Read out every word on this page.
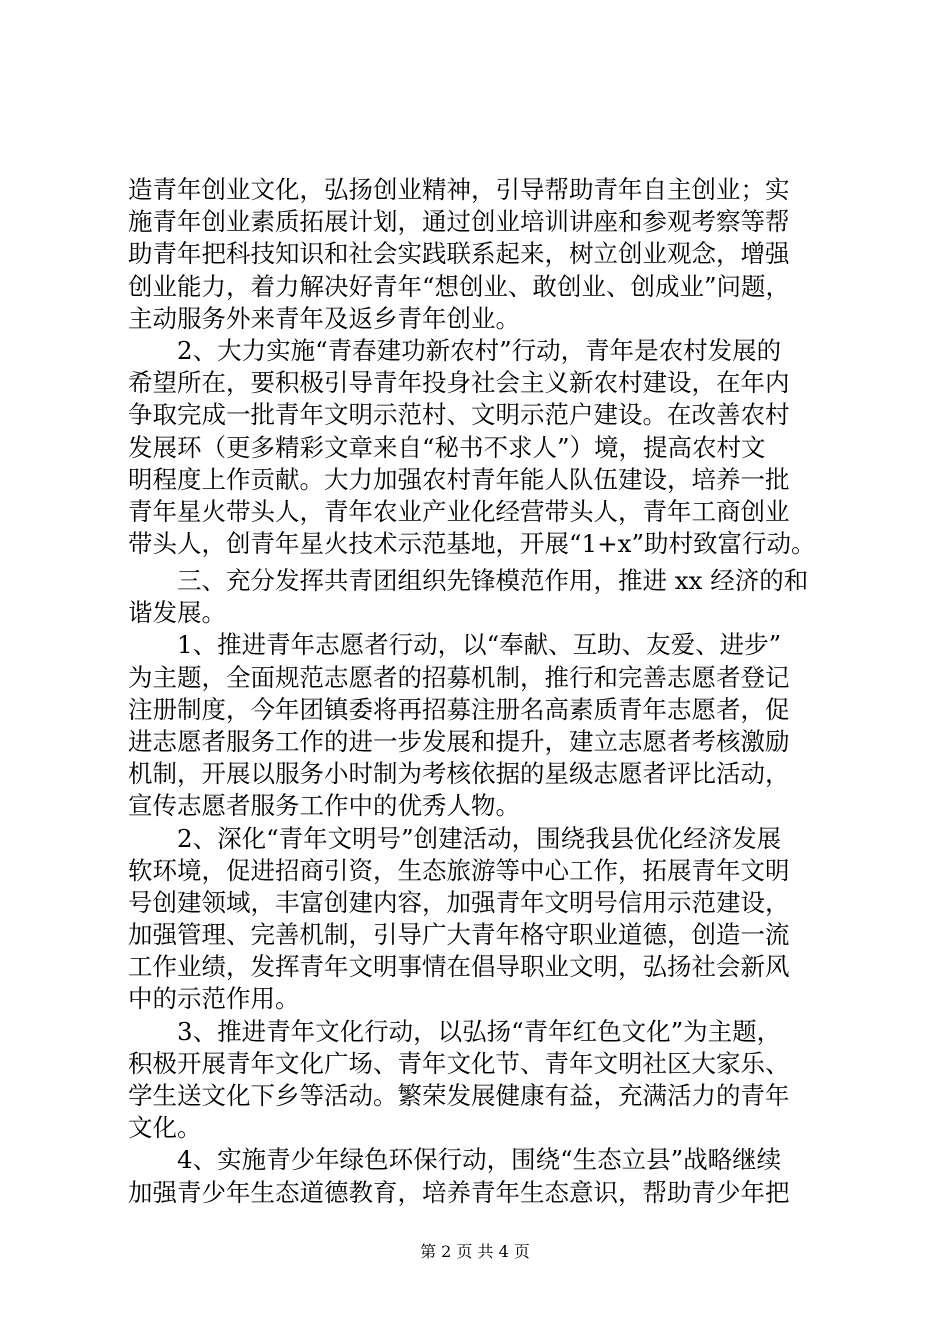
造青年创业文化，弘扬创业精神，引导帮助青年自主创业；实
施青年创业素质拓展计划，通过创业培训讲座和参观考察等帮
助青年把科技知识和社会实践联系起来，树立创业观念，增强
创业能力，着力解决好青年“想创业、敢创业、创成业”问题，
主动服务外来青年及返乡青年创业。
　　2、大力实施“青春建功新农村”行动，青年是农村发展的
希望所在，要积极引导青年投身社会主义新农村建设，在年内
争取完成一批青年文明示范村、文明示范户建设。在改善农村
发展环（更多精彩文章来自“秘书不求人”）境，提高农村文
明程度上作贡献。大力加强农村青年能人队伍建设，培养一批
青年星火带头人，青年农业产业化经营带头人，青年工商创业
带头人，创青年星火技术示范基地，开展“1+x”助村致富行动。
　　三、充分发挥共青团组织先锋模范作用，推进 xx 经济的和
谐发展。
　　1、推进青年志愿者行动，以“奉献、互助、友爱、进步”
为主题，全面规范志愿者的招募机制，推行和完善志愿者登记
注册制度，今年团镇委将再招募注册名高素质青年志愿者，促
进志愿者服务工作的进一步发展和提升，建立志愿者考核激励
机制，开展以服务小时制为考核依据的星级志愿者评比活动，
宣传志愿者服务工作中的优秀人物。
　　2、深化“青年文明号”创建活动，围绕我县优化经济发展
软环境，促进招商引资，生态旅游等中心工作，拓展青年文明
号创建领域，丰富创建内容，加强青年文明号信用示范建设，
加强管理、完善机制，引导广大青年格守职业道德，创造一流
工作业绩，发挥青年文明事情在倡导职业文明，弘扬社会新风
中的示范作用。
　　3、推进青年文化行动，以弘扬“青年红色文化”为主题，
积极开展青年文化广场、青年文化节、青年文明社区大家乐、
学生送文化下乡等活动。繁荣发展健康有益，充满活力的青年
文化。
　　4、实施青少年绿色环保行动，围绕“生态立县”战略继续
加强青少年生态道德教育，培养青年生态意识，帮助青少年把
第 2 页 共 4 页
